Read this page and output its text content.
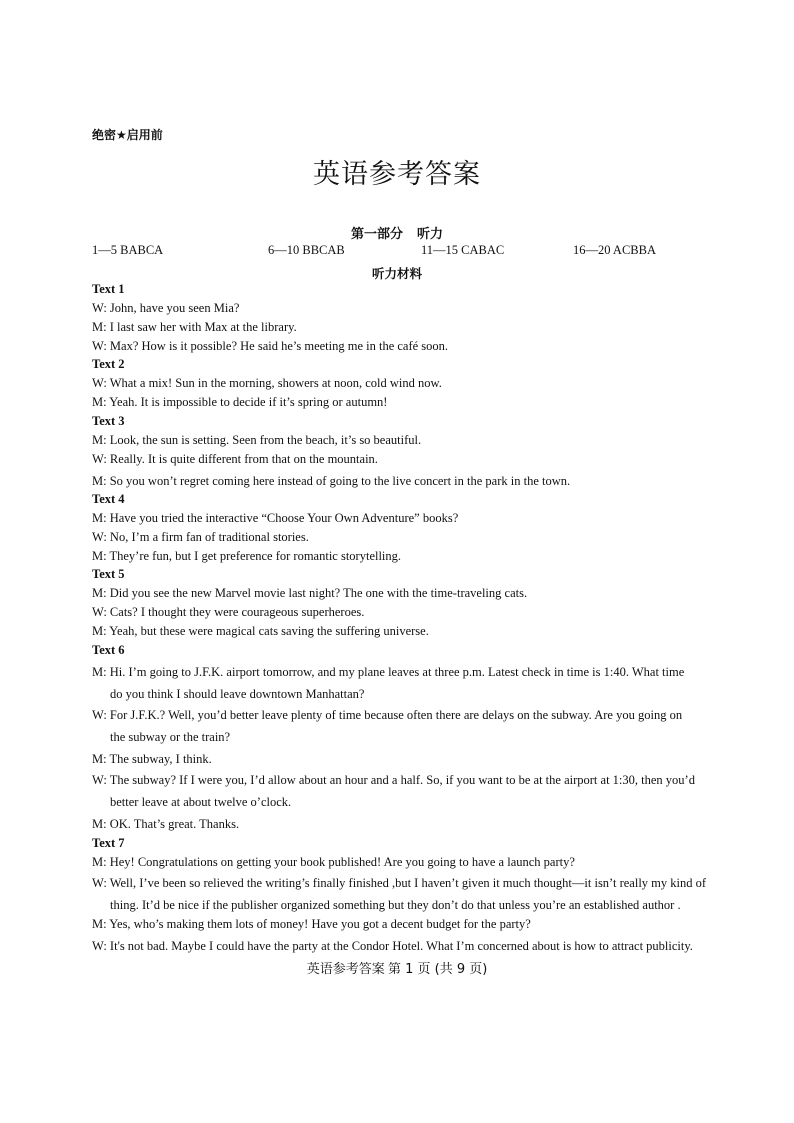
绝密★启用前
英语参考答案
第一部分 听力
1—5 BABCA	6—10 BBCAB	11—15 CABAC	16—20 ACBBA
听力材料
Text 1
W: John, have you seen Mia?
M: I last saw her with Max at the library.
W: Max? How is it possible? He said he’s meeting me in the café soon.
Text 2
W: What a mix! Sun in the morning, showers at noon, cold wind now.
M: Yeah. It is impossible to decide if it’s spring or autumn!
Text 3
M: Look, the sun is setting. Seen from the beach, it’s so beautiful.
W: Really. It is quite different from that on the mountain.
M: So you won’t regret coming here instead of going to the live concert in the park in the town.
Text 4
M: Have you tried the interactive “Choose Your Own Adventure” books?
W: No, I’m a firm fan of traditional stories.
M: They’re fun, but I get preference for romantic storytelling.
Text 5
M: Did you see the new Marvel movie last night? The one with the time-traveling cats.
W: Cats? I thought they were courageous superheroes.
M: Yeah, but these were magical cats saving the suffering universe.
Text 6
M: Hi. I’m going to J.F.K. airport tomorrow, and my plane leaves at three p.m. Latest check in time is 1:40. What time
do you think I should leave downtown Manhattan?
W: For J.F.K.? Well, you’d better leave plenty of time because often there are delays on the subway. Are you going on
the subway or the train?
M: The subway, I think.
W: The subway? If I were you, I’d allow about an hour and a half. So, if you want to be at the airport at 1:30, then you’d
better leave at about twelve o’clock.
M: OK. That’s great. Thanks.
Text 7
M: Hey! Congratulations on getting your book published! Are you going to have a launch party?
W: Well, I’ve been so relieved the writing’s finally finished ,but I haven’t given it much thought—it isn’t really my kind of
thing. It’d be nice if the publisher organized something but they don’t do that unless you’re an established author .
M: Yes, who’s making them lots of money! Have you got a decent budget for the party?
W: It's not bad. Maybe I could have the party at the Condor Hotel. What I’m concerned about is how to attract publicity.
英语参考答案 第 1 页 (共 9 页)
